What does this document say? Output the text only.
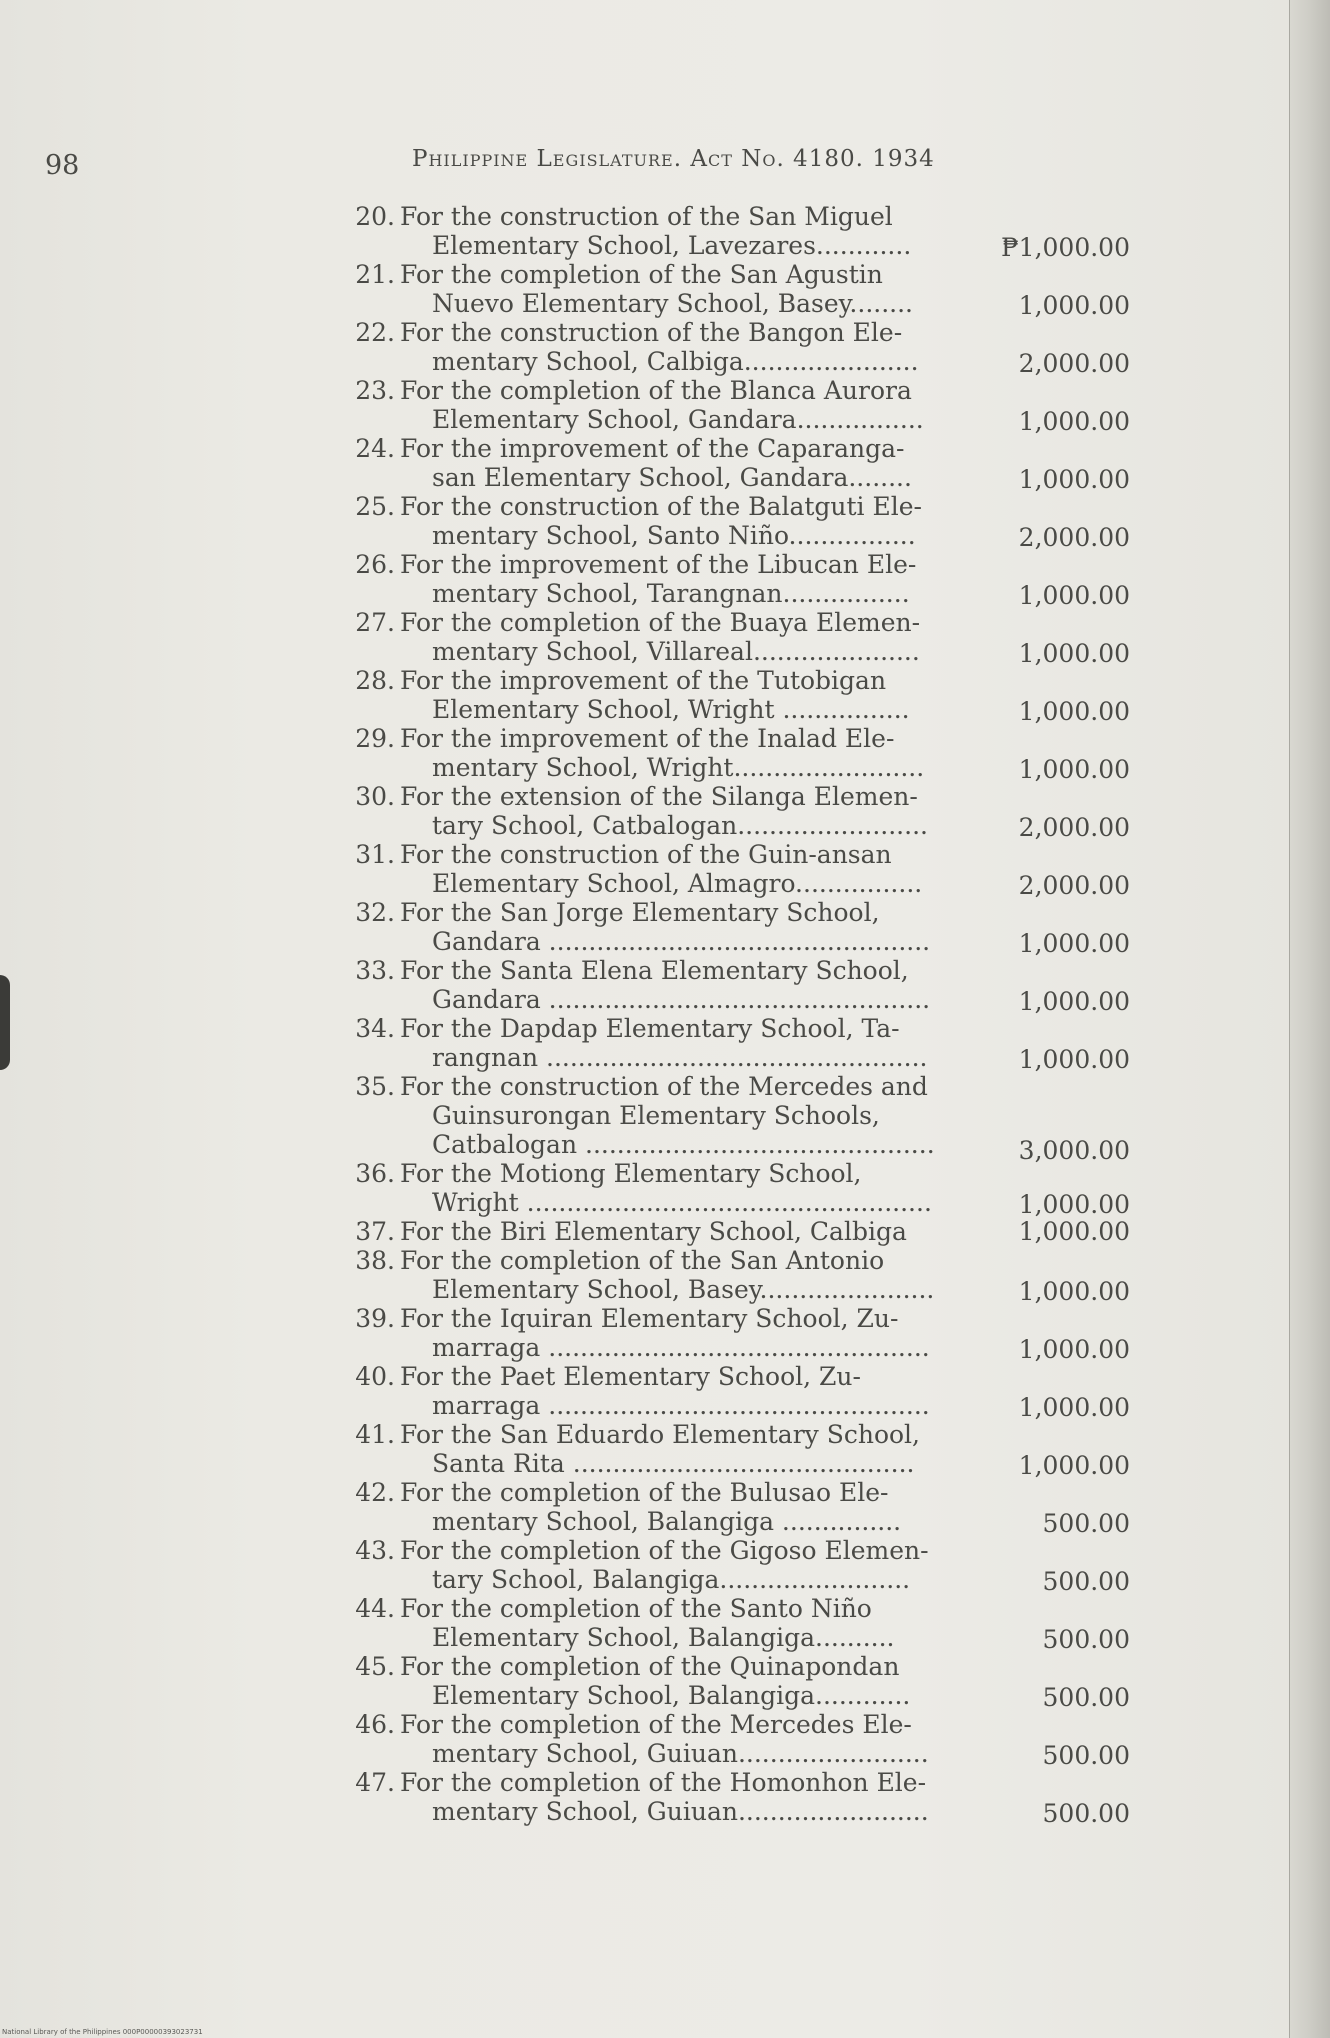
98	Philippine Legislature. Act No. 4180. 1934
20. For the construction of the San Miguel
Elementary School, Lavezares............	₱1,000.00
21. For the completion of the San Agustin
Nuevo Elementary School, Basey........	1,000.00
22. For the construction of the Bangon Ele-
mentary School, Calbiga......................	2,000.00
23. For the completion of the Blanca Aurora
Elementary School, Gandara................	1,000.00
24. For the improvement of the Caparanga-
san Elementary School, Gandara........	1,000.00
25. For the construction of the Balatguti Ele-
mentary School, Santo Niño................	2,000.00
26. For the improvement of the Libucan Ele-
mentary School, Tarangnan................	1,000.00
27. For the completion of the Buaya Elemen-
mentary School, Villareal.....................	1,000.00
28. For the improvement of the Tutobigan
Elementary School, Wright ................	1,000.00
29. For the improvement of the Inalad Ele-
mentary School, Wright........................	1,000.00
30. For the extension of the Silanga Elemen-
tary School, Catbalogan........................	2,000.00
31. For the construction of the Guin-ansan
Elementary School, Almagro................	2,000.00
32. For the San Jorge Elementary School,
Gandara ................................................	1,000.00
33. For the Santa Elena Elementary School,
Gandara ................................................	1,000.00
34. For the Dapdap Elementary School, Ta-
rangnan ................................................	1,000.00
35. For the construction of the Mercedes and
Guinsurongan Elementary Schools,
Catbalogan ............................................	3,000.00
36. For the Motiong Elementary School,
Wright ...................................................	1,000.00
37. For the Biri Elementary School, Calbiga	1,000.00
38. For the completion of the San Antonio
Elementary School, Basey......................	1,000.00
39. For the Iquiran Elementary School, Zu-
marraga ................................................	1,000.00
40. For the Paet Elementary School, Zu-
marraga ................................................	1,000.00
41. For the San Eduardo Elementary School,
Santa Rita ...........................................	1,000.00
42. For the completion of the Bulusao Ele-
mentary School, Balangiga ...............	500.00
43. For the completion of the Gigoso Elemen-
tary School, Balangiga........................	500.00
44. For the completion of the Santo Niño
Elementary School, Balangiga..........	500.00
45. For the completion of the Quinapondan
Elementary School, Balangiga............	500.00
46. For the completion of the Mercedes Ele-
mentary School, Guiuan........................	500.00
47. For the completion of the Homonhon Ele-
mentary School, Guiuan........................	500.00
National Library of the Philippines 000P00000393023731
